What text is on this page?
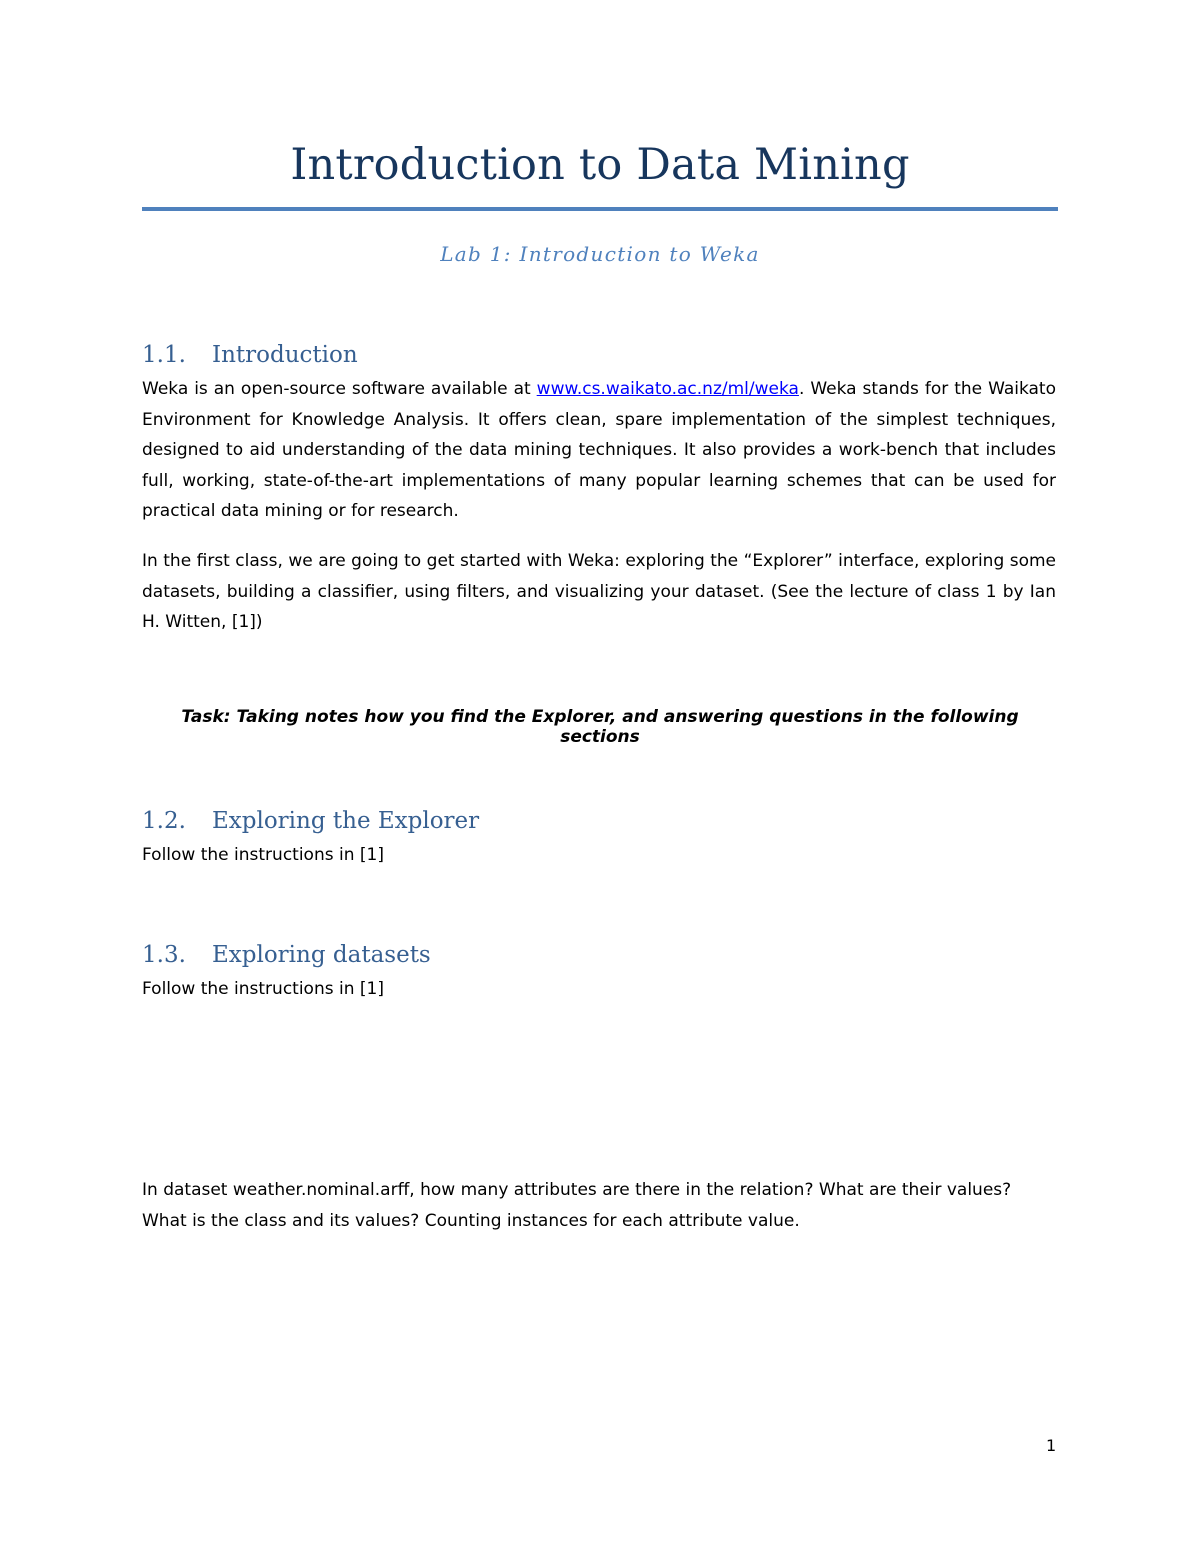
Introduction to Data Mining
Lab 1: Introduction to Weka
1.1. Introduction

Weka is an open-source software available at www.cs.waikato.ac.nz/ml/weka. Weka stands for the Waikato Environment for Knowledge Analysis. It offers clean, spare implementation of the simplest techniques, designed to aid understanding of the data mining techniques. It also provides a work-bench that includes full, working, state-of-the-art implementations of many popular learning schemes that can be used for practical data mining or for research.

In the first class, we are going to get started with Weka: exploring the “Explorer” interface, exploring some datasets, building a classifier, using filters, and visualizing your dataset. (See the lecture of class 1 by Ian H. Witten, [1])

Task: Taking notes how you find the Explorer, and answering questions in the following sections

1.2. Exploring the Explorer

Follow the instructions in [1]

1.3. Exploring datasets

Follow the instructions in [1]

In dataset weather.nominal.arff, how many attributes are there in the relation? What are their values? What is the class and its values? Counting instances for each attribute value.

1
